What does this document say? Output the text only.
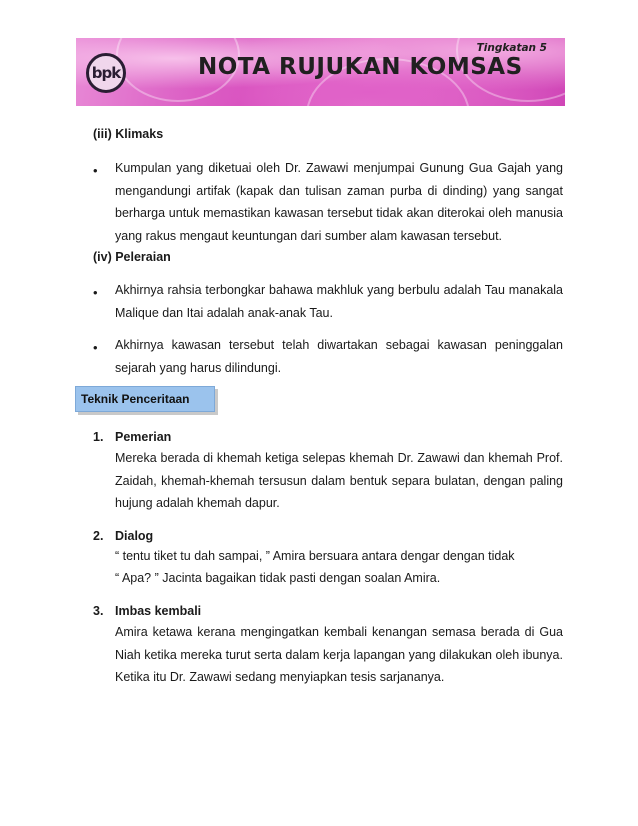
bpk	NOTA RUJUKAN KOMSAS
Tingkatan 5
(iii) Klimaks
• Kumpulan yang diketuai oleh Dr. Zawawi menjumpai Gunung Gua Gajah yang mengandungi artifak (kapak dan tulisan zaman purba di dinding) yang sangat berharga untuk memastikan kawasan tersebut tidak akan diterokai oleh manusia yang rakus mengaut keuntungan dari sumber alam kawasan tersebut.
(iv) Peleraian
• Akhirnya rahsia terbongkar bahawa makhluk yang berbulu adalah Tau manakala Malique dan Itai adalah anak-anak Tau.
• Akhirnya kawasan tersebut telah diwartakan sebagai kawasan peninggalan sejarah yang harus dilindungi.
Teknik Penceritaan
1. Pemerian
Mereka berada di khemah ketiga selepas khemah Dr. Zawawi dan khemah Prof. Zaidah, khemah-khemah tersusun dalam bentuk separa bulatan, dengan paling hujung adalah khemah dapur.
2. Dialog
“ tentu tiket tu dah sampai, ” Amira bersuara antara dengar dengan tidak
“ Apa? ” Jacinta bagaikan tidak pasti dengan soalan Amira.
3. Imbas kembali
Amira ketawa kerana mengingatkan kembali kenangan semasa berada di Gua Niah ketika mereka turut serta dalam kerja lapangan yang dilakukan oleh ibunya. Ketika itu Dr. Zawawi sedang menyiapkan tesis sarjananya.
